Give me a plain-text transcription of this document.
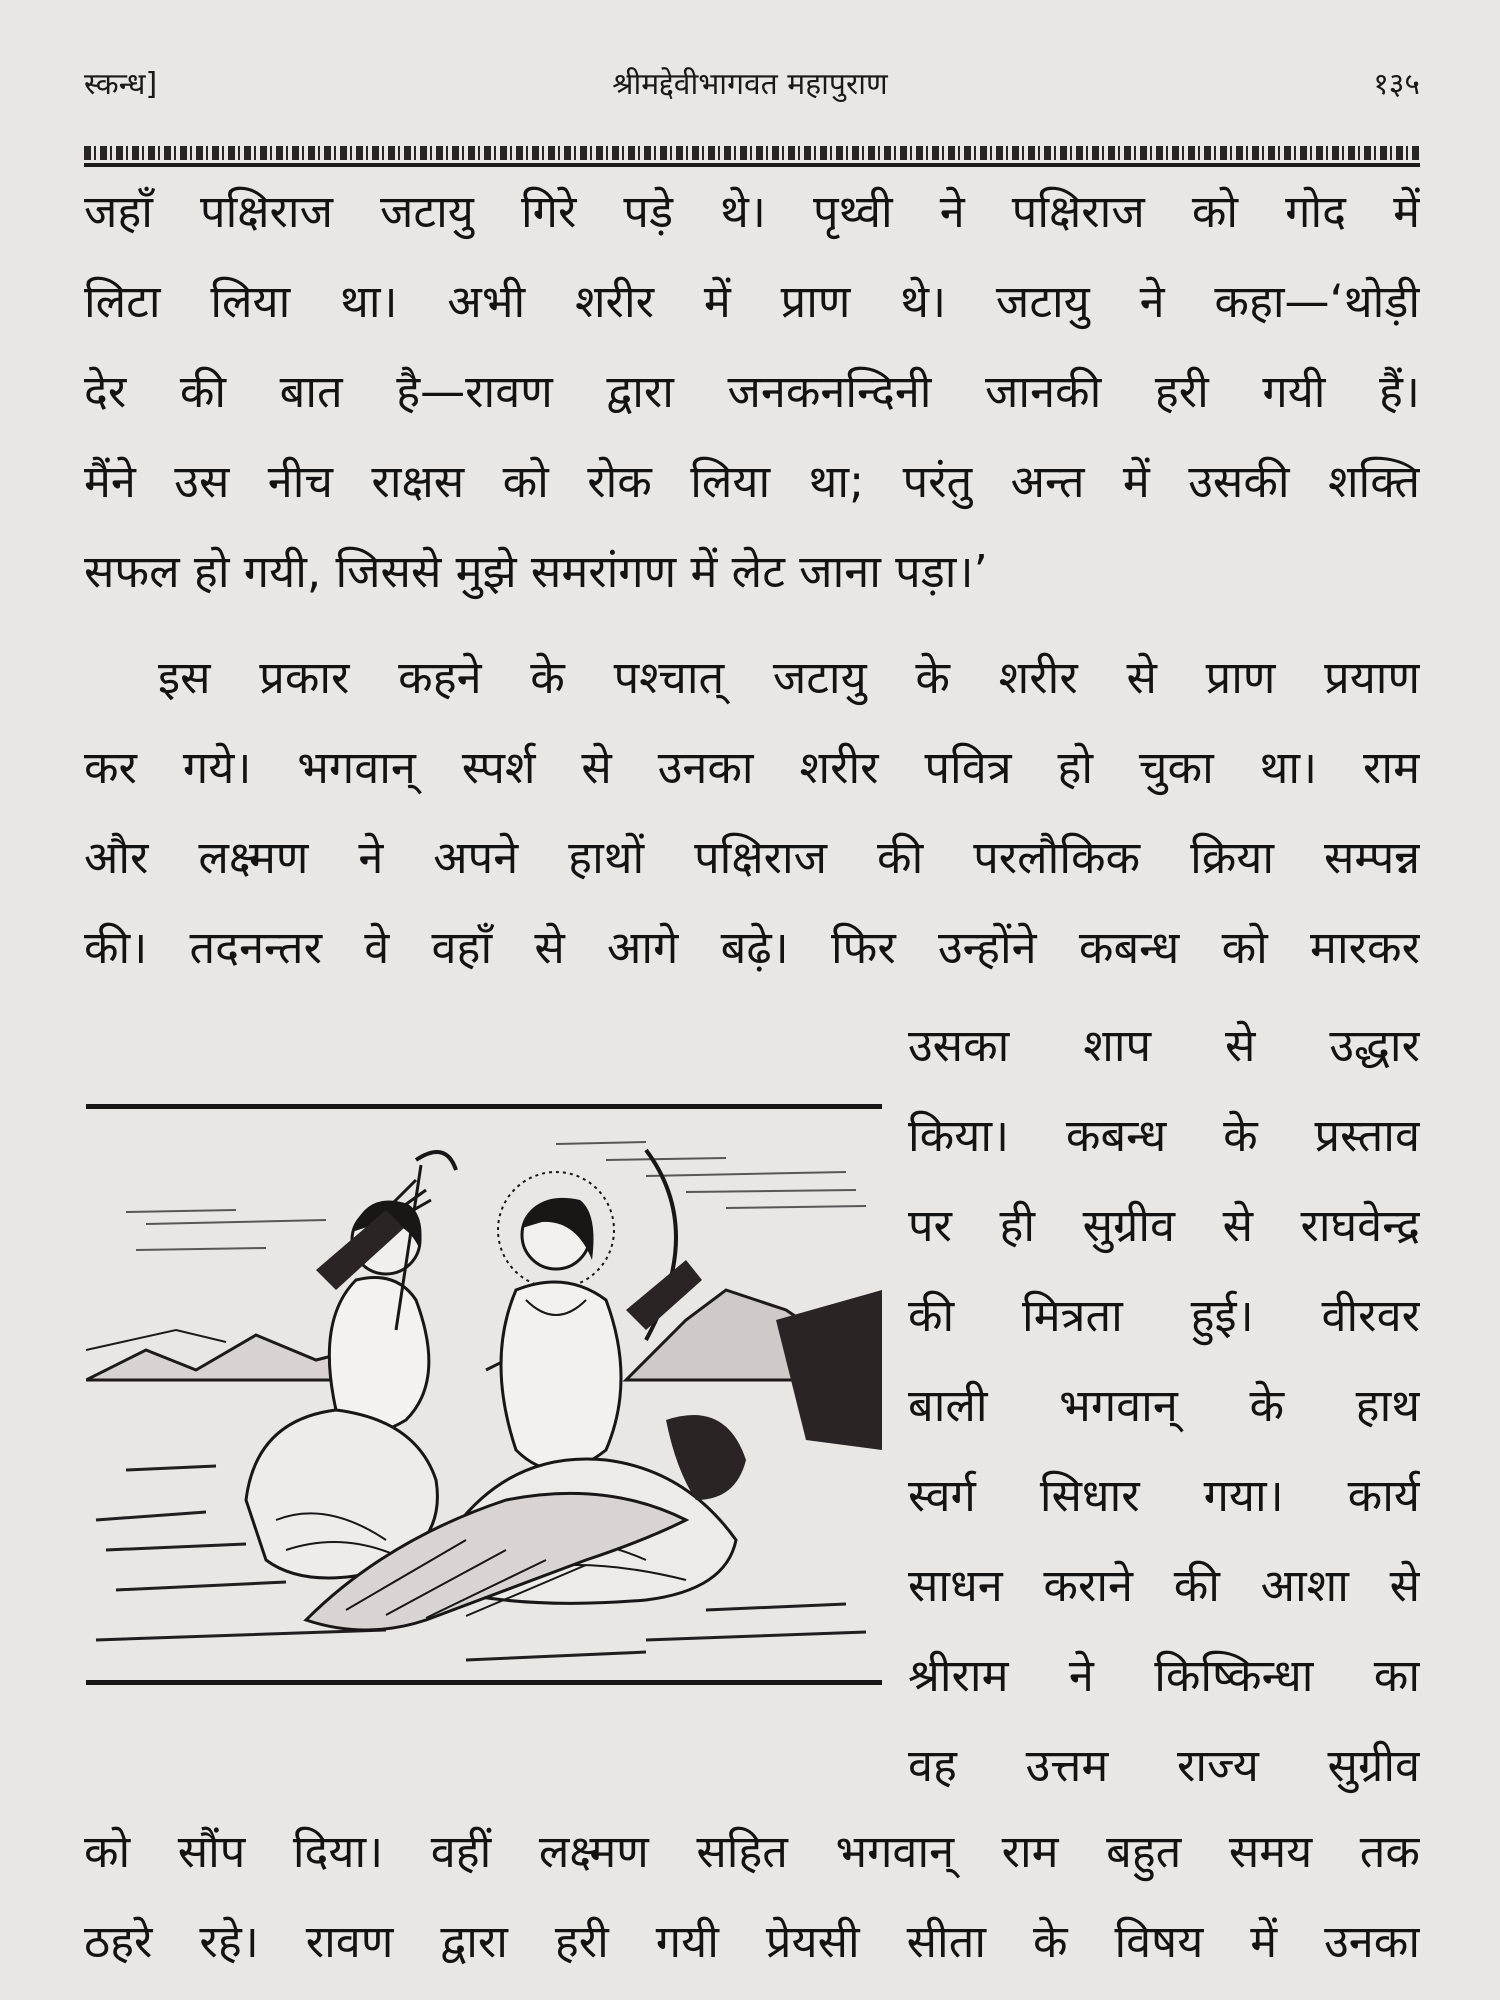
स्कन्ध]	श्रीमद्देवीभागवत महापुराण	१३५
जहाँ पक्षिराज जटायु गिरे पड़े थे। पृथ्वी ने पक्षिराज को गोद में
लिटा लिया था। अभी शरीर में प्राण थे। जटायु ने कहा—‘थोड़ी
देर की बात है—रावण द्वारा जनकनन्दिनी जानकी हरी गयी हैं।
मैंने उस नीच राक्षस को रोक लिया था; परंतु अन्त में उसकी शक्ति
सफल हो गयी, जिससे मुझे समरांगण में लेट जाना पड़ा।’
इस प्रकार कहने के पश्चात् जटायु के शरीर से प्राण प्रयाण
कर गये। भगवान् स्पर्श से उनका शरीर पवित्र हो चुका था। राम
और लक्ष्मण ने अपने हाथों पक्षिराज की परलौकिक क्रिया सम्पन्न
की। तदनन्तर वे वहाँ से आगे बढ़े। फिर उन्होंने कबन्ध को मारकर
उसका शाप से उद्धार
किया। कबन्ध के प्रस्ताव
पर ही सुग्रीव से राघवेन्द्र
की मित्रता हुई। वीरवर
बाली भगवान् के हाथ
स्वर्ग सिधार गया। कार्य
साधन कराने की आशा से
श्रीराम ने किष्किन्धा का
वह उत्तम राज्य सुग्रीव
को सौंप दिया। वहीं लक्ष्मण सहित भगवान् राम बहुत समय तक
ठहरे रहे। रावण द्वारा हरी गयी प्रेयसी सीता के विषय में उनका
